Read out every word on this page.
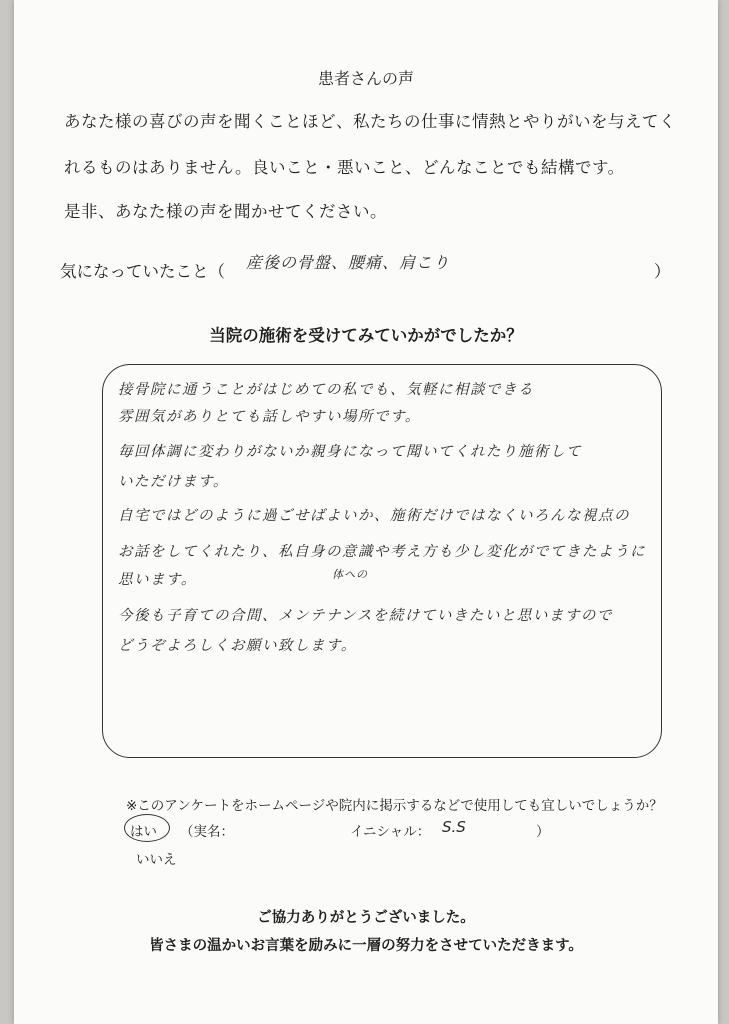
患者さんの声
あなた様の喜びの声を聞くことほど、私たちの仕事に情熱とやりがいを与えてく
れるものはありません。良いこと・悪いこと、どんなことでも結構です。
是非、あなた様の声を聞かせてください。
気になっていたこと（ 産後の骨盤、腰痛、肩こり	）
当院の施術を受けてみていかがでしたか？
接骨院に通うことがはじめての私でも、気軽に相談できる
雰囲気がありとても話しやすい場所です。
毎回体調に変わりがないか親身になって聞いてくれたり施術して
いただけます。
自宅ではどのように過ごせばよいか、施術だけではなくいろんな視点の
お話をしてくれたり、私自身の意識や考え方も少し変化がでてきたように
思います。	体への
今後も子育ての合間、メンテナンスを続けていきたいと思いますので
どうぞよろしくお願い致します。
※このアンケートをホームページや院内に掲示するなどで使用しても宜しいでしょうか？
はい （実名：	イニシャル： S.S	）
いいえ
ご協力ありがとうございました。
皆さまの温かいお言葉を励みに一層の努力をさせていただきます。
